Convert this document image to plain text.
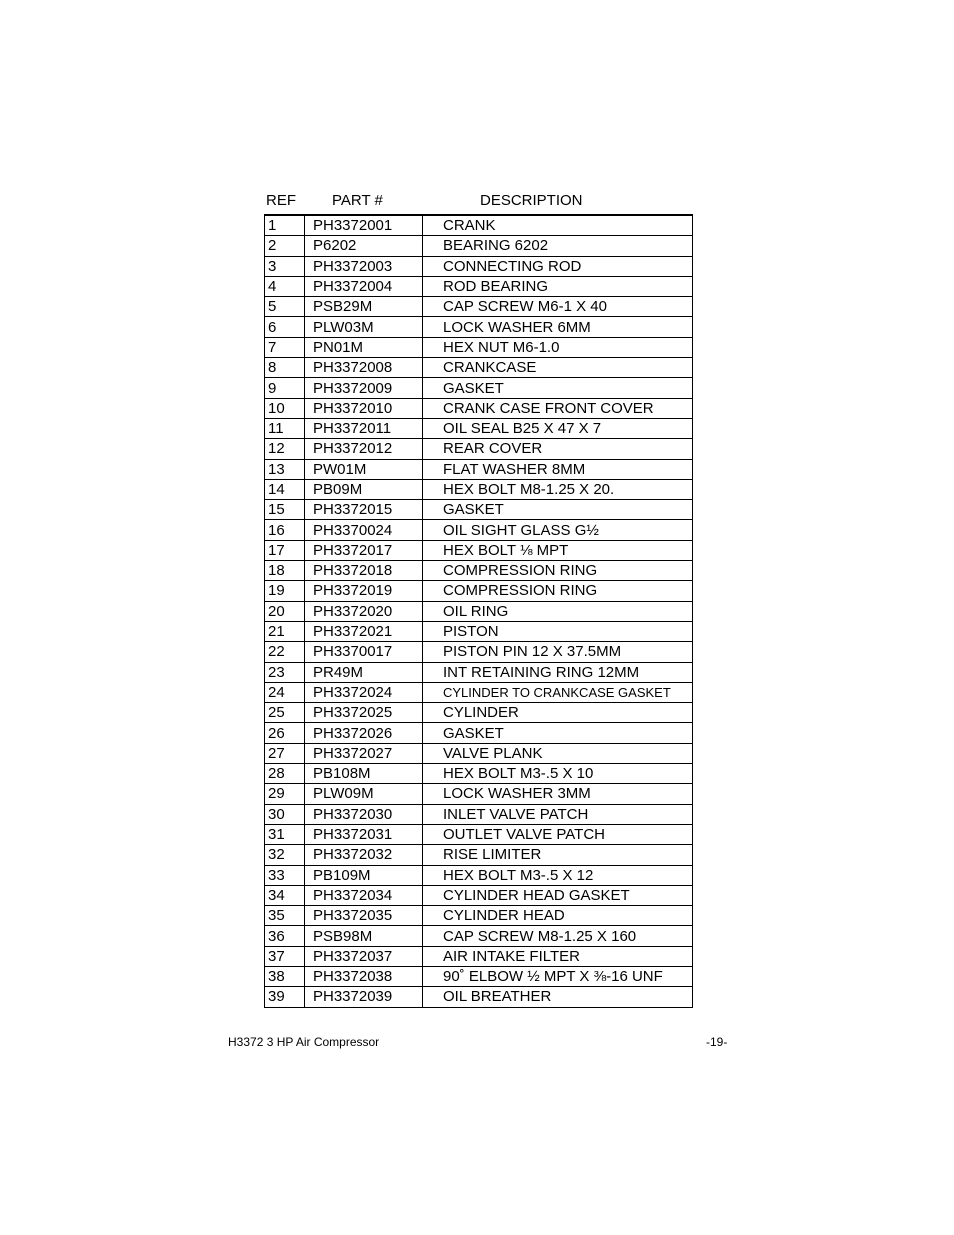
REF PART #	DESCRIPTION
1	PH3372001	CRANK
2	P6202	BEARING 6202
3	PH3372003	CONNECTING ROD
4	PH3372004	ROD BEARING
5	PSB29M	CAP SCREW M6-1 X 40
6	PLW03M	LOCK WASHER 6MM
7	PN01M	HEX NUT M6-1.0
8	PH3372008	CRANKCASE
9	PH3372009	GASKET
10	PH3372010	CRANK CASE FRONT COVER
11	PH3372011	OIL SEAL B25 X 47 X 7
12	PH3372012	REAR COVER
13	PW01M	FLAT WASHER 8MM
14	PB09M	HEX BOLT M8-1.25 X 20.
15	PH3372015	GASKET
16	PH3370024	OIL SIGHT GLASS G½
17	PH3372017	HEX BOLT ⅛ MPT
18	PH3372018	COMPRESSION RING
19	PH3372019	COMPRESSION RING
20	PH3372020	OIL RING
21	PH3372021	PISTON
22	PH3370017	PISTON PIN 12 X 37.5MM
23	PR49M	INT RETAINING RING 12MM
24	PH3372024	CYLINDER TO CRANKCASE GASKET
25	PH3372025	CYLINDER
26	PH3372026	GASKET
27	PH3372027	VALVE PLANK
28	PB108M	HEX BOLT M3-.5 X 10
29	PLW09M	LOCK WASHER 3MM
30	PH3372030	INLET VALVE PATCH
31	PH3372031	OUTLET VALVE PATCH
32	PH3372032	RISE LIMITER
33	PB109M	HEX BOLT M3-.5 X 12
34	PH3372034	CYLINDER HEAD GASKET
35	PH3372035	CYLINDER HEAD
36	PSB98M	CAP SCREW M8-1.25 X 160
37	PH3372037	AIR INTAKE FILTER
38	PH3372038	90˚ ELBOW ½ MPT X ⅜-16 UNF
39	PH3372039	OIL BREATHER
H3372 3 HP Air Compressor	-19-
